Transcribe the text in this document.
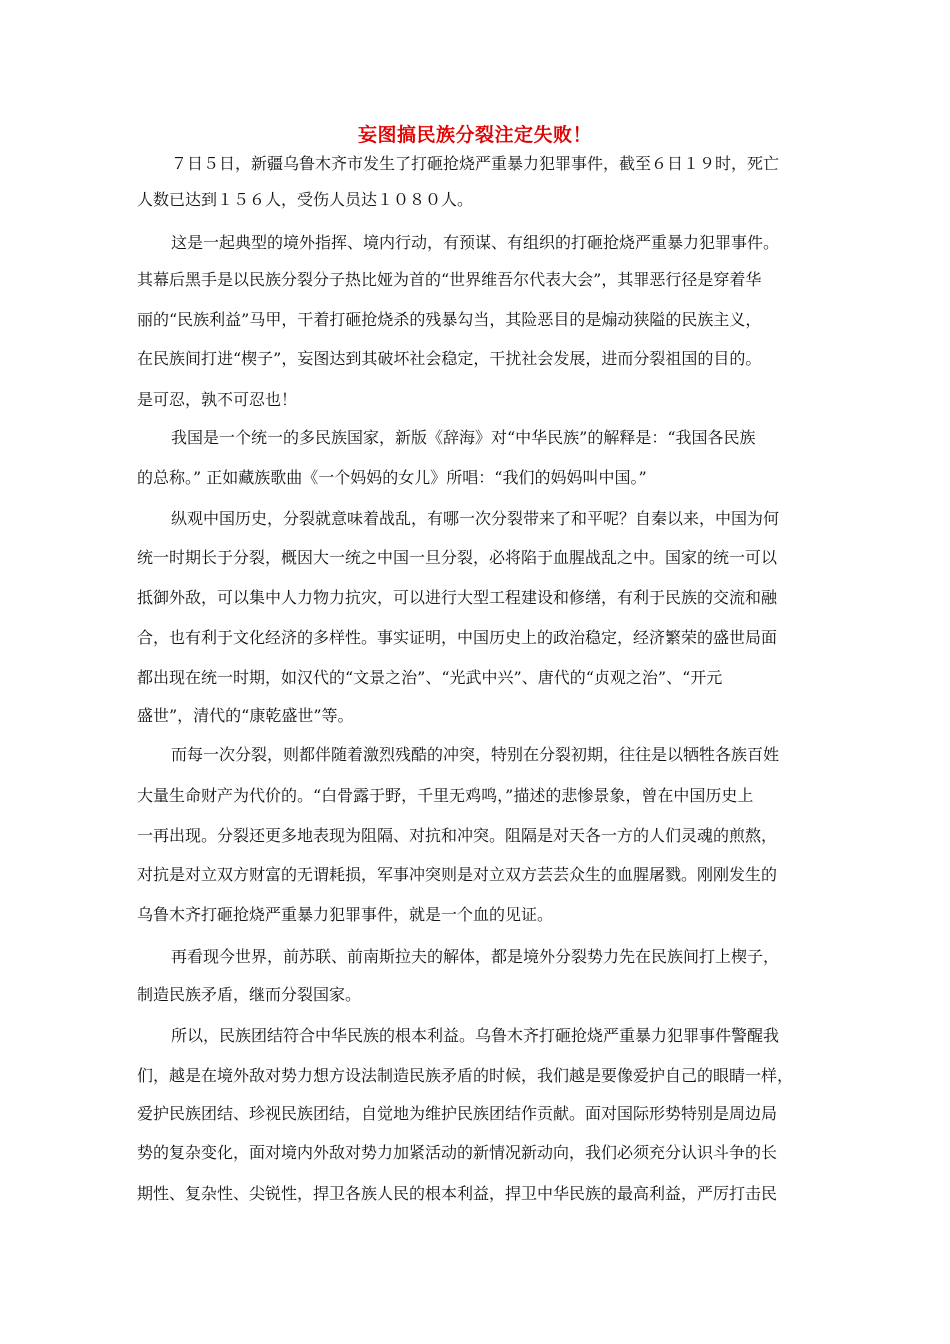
妄图搞民族分裂注定失败！
７日５日，新疆乌鲁木齐市发生了打砸抢烧严重暴力犯罪事件，截至６日１９时，死亡
人数已达到１５６人，受伤人员达１０８０人。
这是一起典型的境外指挥、境内行动，有预谋、有组织的打砸抢烧严重暴力犯罪事件。
其幕后黑手是以民族分裂分子热比娅为首的“世界维吾尔代表大会”，其罪恶行径是穿着华
丽的“民族利益”马甲，干着打砸抢烧杀的残暴勾当，其险恶目的是煽动狭隘的民族主义，
在民族间打进“楔子”，妄图达到其破坏社会稳定，干扰社会发展，进而分裂祖国的目的。
是可忍，孰不可忍也！
我国是一个统一的多民族国家，新版《辞海》对“中华民族”的解释是：“我国各民族
的总称。” 正如藏族歌曲《一个妈妈的女儿》所唱：“我们的妈妈叫中国。”
纵观中国历史，分裂就意味着战乱，有哪一次分裂带来了和平呢？自秦以来，中国为何
统一时期长于分裂，概因大一统之中国一旦分裂，必将陷于血腥战乱之中。国家的统一可以
抵御外敌，可以集中人力物力抗灾，可以进行大型工程建设和修缮，有利于民族的交流和融
合，也有利于文化经济的多样性。事实证明，中国历史上的政治稳定，经济繁荣的盛世局面
都出现在统一时期，如汉代的“文景之治”、“光武中兴”、唐代的“贞观之治”、“开元
盛世”，清代的“康乾盛世”等。
而每一次分裂，则都伴随着激烈残酷的冲突，特别在分裂初期，往往是以牺牲各族百姓
大量生命财产为代价的。“白骨露于野，千里无鸡鸣，”描述的悲惨景象，曾在中国历史上
一再出现。分裂还更多地表现为阻隔、对抗和冲突。阻隔是对天各一方的人们灵魂的煎熬，
对抗是对立双方财富的无谓耗损，军事冲突则是对立双方芸芸众生的血腥屠戮。刚刚发生的
乌鲁木齐打砸抢烧严重暴力犯罪事件，就是一个血的见证。
再看现今世界，前苏联、前南斯拉夫的解体，都是境外分裂势力先在民族间打上楔子，
制造民族矛盾，继而分裂国家。
所以，民族团结符合中华民族的根本利益。乌鲁木齐打砸抢烧严重暴力犯罪事件警醒我
们，越是在境外敌对势力想方设法制造民族矛盾的时候，我们越是要像爱护自己的眼睛一样，
爱护民族团结、珍视民族团结，自觉地为维护民族团结作贡献。面对国际形势特别是周边局
势的复杂变化，面对境内外敌对势力加紧活动的新情况新动向，我们必须充分认识斗争的长
期性、复杂性、尖锐性，捍卫各族人民的根本利益，捍卫中华民族的最高利益，严厉打击民
